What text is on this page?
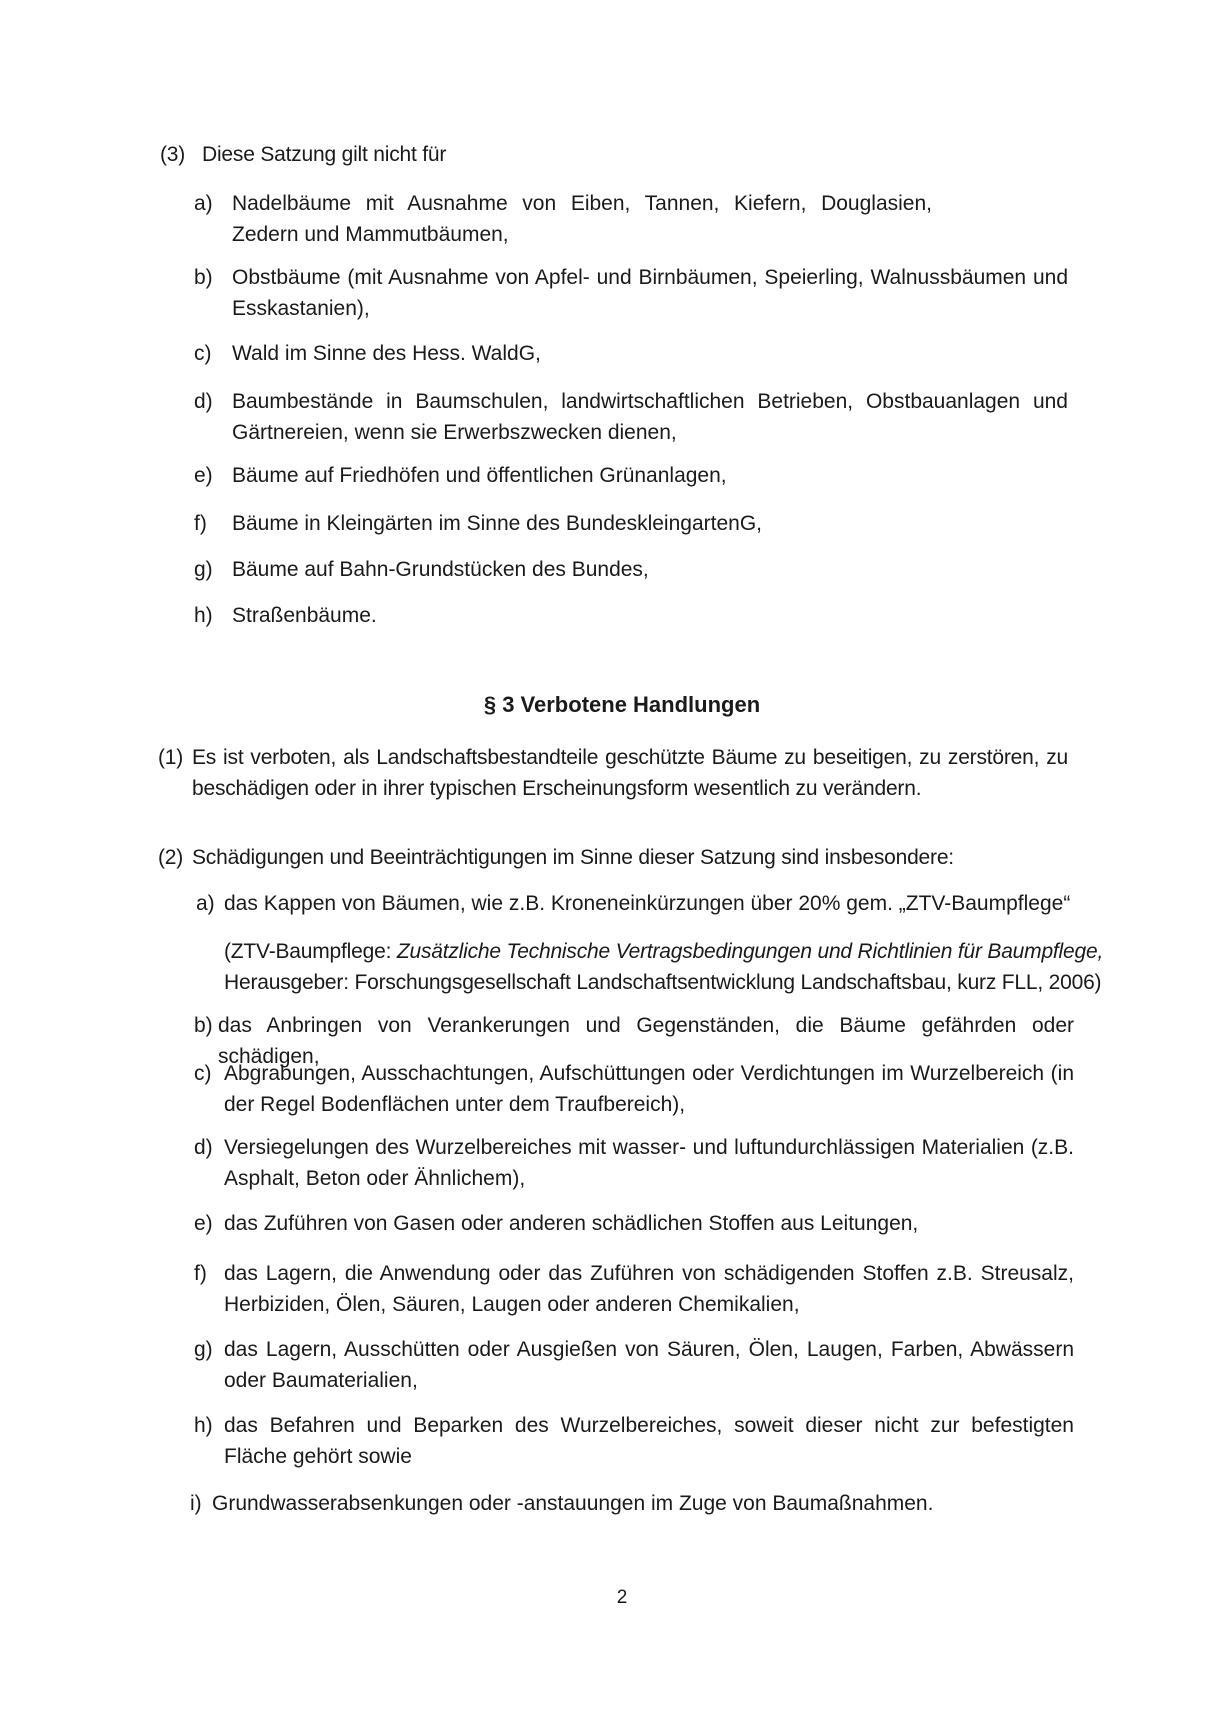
(3) Diese Satzung gilt nicht für
a) Nadelbäume mit Ausnahme von Eiben, Tannen, Kiefern, Douglasien, Zedern und Mammutbäumen,
b) Obstbäume (mit Ausnahme von Apfel- und Birnbäumen, Speierling, Walnussbäumen und Esskastanien),
c) Wald im Sinne des Hess. WaldG,
d) Baumbestände in Baumschulen, landwirtschaftlichen Betrieben, Obstbauanlagen und Gärtnereien, wenn sie Erwerbszwecken dienen,
e) Bäume auf Friedhöfen und öffentlichen Grünanlagen,
f) Bäume in Kleingärten im Sinne des BundeskleingartenG,
g) Bäume auf Bahn-Grundstücken des Bundes,
h) Straßenbäume.
§ 3 Verbotene Handlungen
(1) Es ist verboten, als Landschaftsbestandteile geschützte Bäume zu beseitigen, zu zerstören, zu beschädigen oder in ihrer typischen Erscheinungsform wesentlich zu verändern.
(2) Schädigungen und Beeinträchtigungen im Sinne dieser Satzung sind insbesondere:
a) das Kappen von Bäumen, wie z.B. Kroneneinkürzungen über 20% gem. „ZTV-Baumpflege“
(ZTV-Baumpflege: Zusätzliche Technische Vertragsbedingungen und Richtlinien für Baumpflege,
Herausgeber: Forschungsgesellschaft Landschaftsentwicklung Landschaftsbau, kurz FLL, 2006)
b) das Anbringen von Verankerungen und Gegenständen, die Bäume gefährden oder schädigen,
c) Abgrabungen, Ausschachtungen, Aufschüttungen oder Verdichtungen im Wurzelbereich (in der Regel Bodenflächen unter dem Traufbereich),
d) Versiegelungen des Wurzelbereiches mit wasser- und luftundurchlässigen Materialien (z.B. Asphalt, Beton oder Ähnlichem),
e) das Zuführen von Gasen oder anderen schädlichen Stoffen aus Leitungen,
f) das Lagern, die Anwendung oder das Zuführen von schädigenden Stoffen z.B. Streusalz, Herbiziden, Ölen, Säuren, Laugen oder anderen Chemikalien,
g) das Lagern, Ausschütten oder Ausgießen von Säuren, Ölen, Laugen, Farben, Abwässern oder Baumaterialien,
h) das Befahren und Beparken des Wurzelbereiches, soweit dieser nicht zur befestigten Fläche gehört sowie
i) Grundwasserabsenkungen oder -anstauungen im Zuge von Baumaßnahmen.
2
